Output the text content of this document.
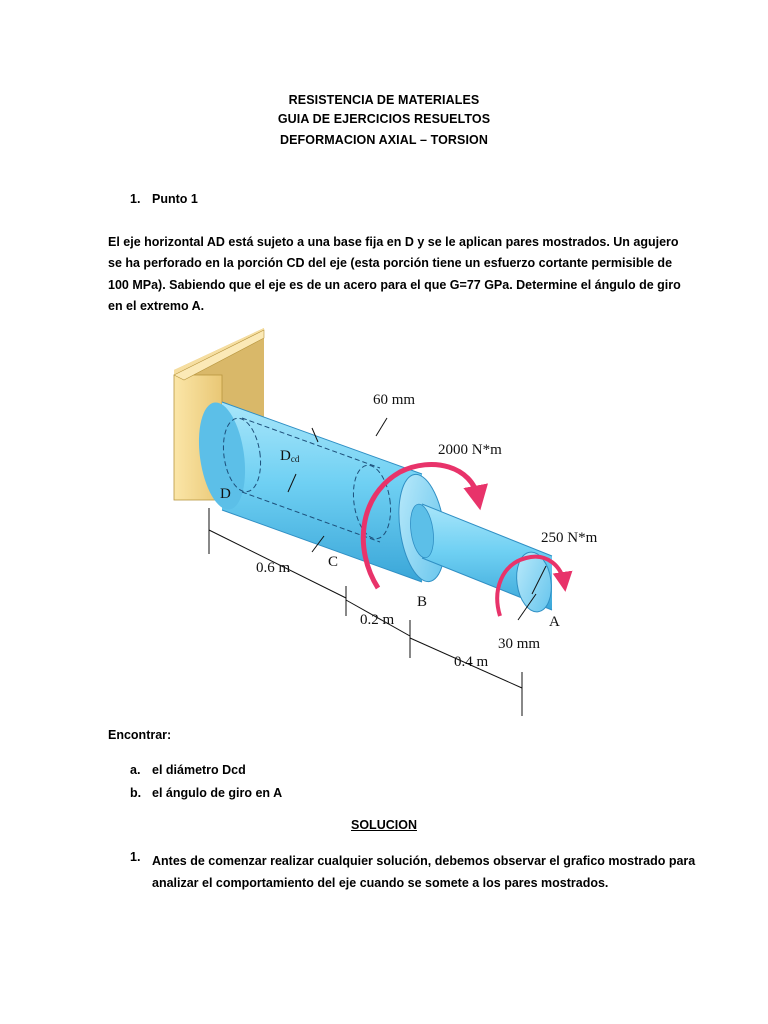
RESISTENCIA DE MATERIALES
GUIA DE EJERCICIOS RESUELTOS
DEFORMACION AXIAL – TORSION
1. Punto 1
El eje horizontal AD está sujeto a una base fija en D y se le aplican pares mostrados. Un agujero
se ha perforado en la porción CD del eje (esta porción tiene un esfuerzo cortante permisible de
100 MPa). Sabiendo que el eje es de un acero para el que G=77 GPa. Determine el ángulo de giro
en el extremo A.
60 mm
2000 N*m
Dcd
D
C
B
A
250 N*m
30 mm
0.6 m
0.2 m
0.4 m
Encontrar:
a. el diámetro Dcd
b. el ángulo de giro en A
SOLUCION
1. Antes de comenzar realizar cualquier solución, debemos observar el grafico mostrado para
analizar el comportamiento del eje cuando se somete a los pares mostrados.
